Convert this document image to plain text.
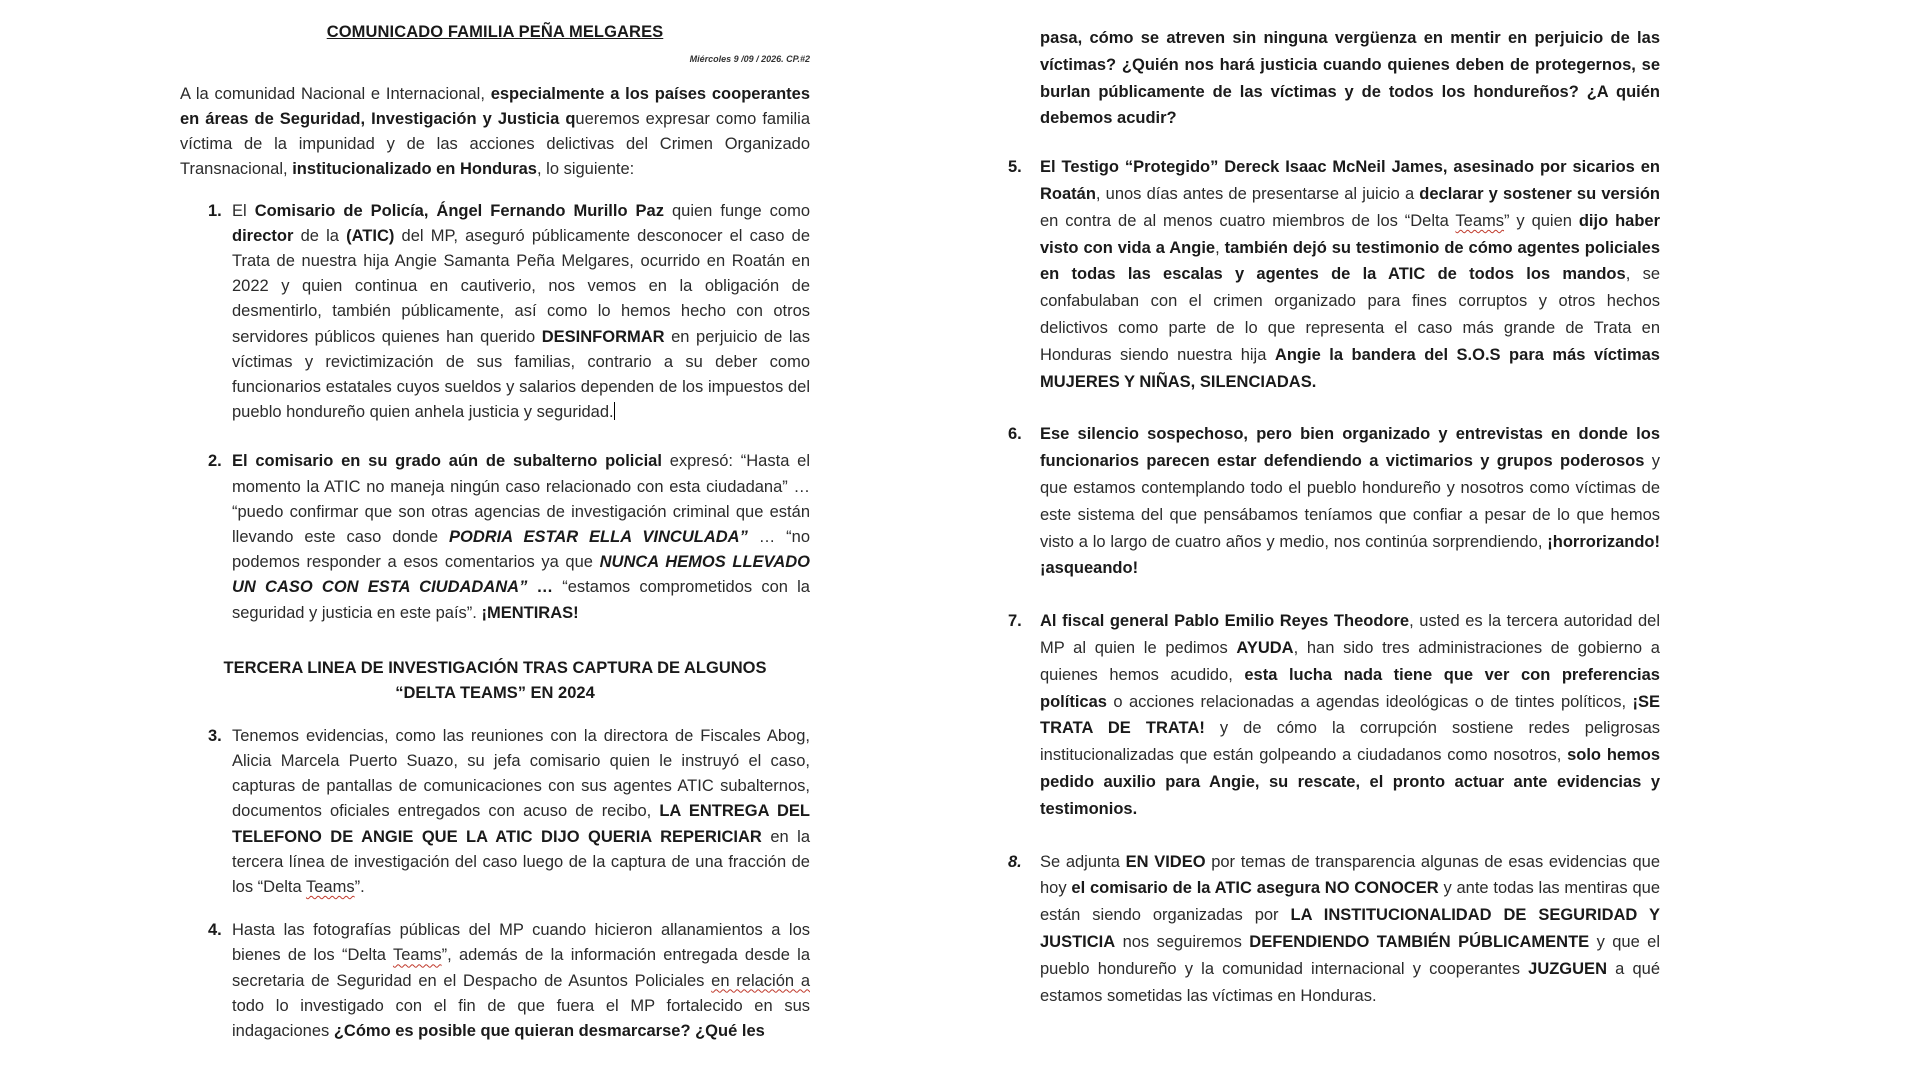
COMUNICADO FAMILIA PEÑA MELGARES
Miércoles 9 /09 / 2026. CP.#2

A la comunidad Nacional e Internacional, especialmente a los países cooperantes en áreas de Seguridad, Investigación y Justicia queremos expresar como familia víctima de la impunidad y de las acciones delictivas del Crimen Organizado Transnacional, institucionalizado en Honduras, lo siguiente:

1. El Comisario de Policía, Ángel Fernando Murillo Paz quien funge como director de la (ATIC) del MP, aseguró públicamente desconocer el caso de Trata de nuestra hija Angie Samanta Peña Melgares, ocurrido en Roatán en 2022 y quien continua en cautiverio, nos vemos en la obligación de desmentirlo, también públicamente, así como lo hemos hecho con otros servidores públicos quienes han querido DESINFORMAR en perjuicio de las víctimas y revictimización de sus familias, contrario a su deber como funcionarios estatales cuyos sueldos y salarios dependen de los impuestos del pueblo hondureño quien anhela justicia y seguridad.
2. El comisario en su grado aún de subalterno policial expresó: “Hasta el momento la ATIC no maneja ningún caso relacionado con esta ciudadana” … “puedo confirmar que son otras agencias de investigación criminal que están llevando este caso donde PODRIA ESTAR ELLA VINCULADA” … “no podemos responder a esos comentarios ya que NUNCA HEMOS LLEVADO UN CASO CON ESTA CIUDADANA” … “estamos comprometidos con la seguridad y justicia en este país”. ¡MENTIRAS!
TERCERA LINEA DE INVESTIGACIÓN TRAS CAPTURA DE ALGUNOS
“DELTA TEAMS” EN 2024
3. Tenemos evidencias, como las reuniones con la directora de Fiscales Abog, Alicia Marcela Puerto Suazo, su jefa comisario quien le instruyó el caso, capturas de pantallas de comunicaciones con sus agentes ATIC subalternos, documentos oficiales entregados con acuso de recibo, LA ENTREGA DEL TELEFONO DE ANGIE QUE LA ATIC DIJO QUERIA REPERICIAR en la tercera línea de investigación del caso luego de la captura de una fracción de los “Delta Teams”.
4. Hasta las fotografías públicas del MP cuando hicieron allanamientos a los bienes de los “Delta Teams”, además de la información entregada desde la secretaria de Seguridad en el Despacho de Asuntos Policiales en relación a todo lo investigado con el fin de que fuera el MP fortalecido en sus indagaciones ¿Cómo es posible que quieran desmarcarse? ¿Qué les
pasa, cómo se atreven sin ninguna vergüenza en mentir en perjuicio de las víctimas? ¿Quién nos hará justicia cuando quienes deben de protegernos, se burlan públicamente de las víctimas y de todos los hondureños? ¿A quién debemos acudir?
5. El Testigo “Protegido” Dereck Isaac McNeil James, asesinado por sicarios en Roatán, unos días antes de presentarse al juicio a declarar y sostener su versión en contra de al menos cuatro miembros de los “Delta Teams” y quien dijo haber visto con vida a Angie, también dejó su testimonio de cómo agentes policiales en todas las escalas y agentes de la ATIC de todos los mandos, se confabulaban con el crimen organizado para fines corruptos y otros hechos delictivos como parte de lo que representa el caso más grande de Trata en Honduras siendo nuestra hija Angie la bandera del S.O.S para más víctimas MUJERES Y NIÑAS, SILENCIADAS.
6. Ese silencio sospechoso, pero bien organizado y entrevistas en donde los funcionarios parecen estar defendiendo a victimarios y grupos poderosos y que estamos contemplando todo el pueblo hondureño y nosotros como víctimas de este sistema del que pensábamos teníamos que confiar a pesar de lo que hemos visto a lo largo de cuatro años y medio, nos continúa sorprendiendo, ¡horrorizando! ¡asqueando!
7. Al fiscal general Pablo Emilio Reyes Theodore, usted es la tercera autoridad del MP al quien le pedimos AYUDA, han sido tres administraciones de gobierno a quienes hemos acudido, esta lucha nada tiene que ver con preferencias políticas o acciones relacionadas a agendas ideológicas o de tintes políticos, ¡SE TRATA DE TRATA! y de cómo la corrupción sostiene redes peligrosas institucionalizadas que están golpeando a ciudadanos como nosotros, solo hemos pedido auxilio para Angie, su rescate, el pronto actuar ante evidencias y testimonios.
8. Se adjunta EN VIDEO por temas de transparencia algunas de esas evidencias que hoy el comisario de la ATIC asegura NO CONOCER y ante todas las mentiras que están siendo organizadas por LA INSTITUCIONALIDAD DE SEGURIDAD Y JUSTICIA nos seguiremos DEFENDIENDO TAMBIÉN PÚBLICAMENTE y que el pueblo hondureño y la comunidad internacional y cooperantes JUZGUEN a qué estamos sometidas las víctimas en Honduras.
